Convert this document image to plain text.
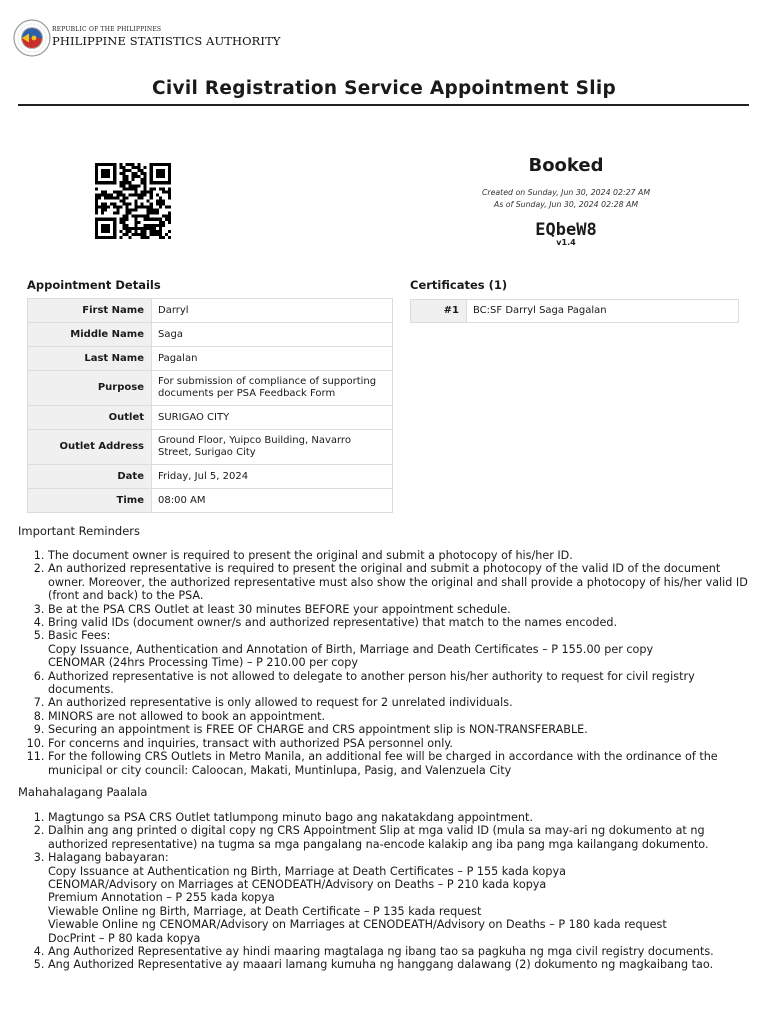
REPUBLIC OF THE PHILIPPINES
PHILIPPINE STATISTICS AUTHORITY
Civil Registration Service Appointment Slip
Booked
Created on Sunday, Jun 30, 2024 02:27 AM
As of Sunday, Jun 30, 2024 02:28 AM
EQbeW8
v1.4
Appointment Details
First Name	Darryl
Middle Name	Saga
Last Name	Pagalan
Purpose	For submission of compliance of supporting documents per PSA Feedback Form
Outlet	SURIGAO CITY
Outlet Address	Ground Floor, Yuipco Building, Navarro Street, Surigao City
Date	Friday, Jul 5, 2024
Time	08:00 AM
Certificates (1)
#1	BC:SF Darryl Saga Pagalan
Important Reminders
1. The document owner is required to present the original and submit a photocopy of his/her ID.
2. An authorized representative is required to present the original and submit a photocopy of the valid ID of the document owner. Moreover, the authorized representative must also show the original and shall provide a photocopy of his/her valid ID (front and back) to the PSA.
3. Be at the PSA CRS Outlet at least 30 minutes BEFORE your appointment schedule.
4. Bring valid IDs (document owner/s and authorized representative) that match to the names encoded.
5. Basic Fees:
Copy Issuance, Authentication and Annotation of Birth, Marriage and Death Certificates – P 155.00 per copy
CENOMAR (24hrs Processing Time) – P 210.00 per copy
6. Authorized representative is not allowed to delegate to another person his/her authority to request for civil registry documents.
7. An authorized representative is only allowed to request for 2 unrelated individuals.
8. MINORS are not allowed to book an appointment.
9. Securing an appointment is FREE OF CHARGE and CRS appointment slip is NON-TRANSFERABLE.
10. For concerns and inquiries, transact with authorized PSA personnel only.
11. For the following CRS Outlets in Metro Manila, an additional fee will be charged in accordance with the ordinance of the municipal or city council: Caloocan, Makati, Muntinlupa, Pasig, and Valenzuela City
Mahahalagang Paalala
1. Magtungo sa PSA CRS Outlet tatlumpong minuto bago ang nakatakdang appointment.
2. Dalhin ang ang printed o digital copy ng CRS Appointment Slip at mga valid ID (mula sa may-ari ng dokumento at ng authorized representative) na tugma sa mga pangalang na-encode kalakip ang iba pang mga kailangang dokumento.
3. Halagang babayaran:
Copy Issuance at Authentication ng Birth, Marriage at Death Certificates – P 155 kada kopya
CENOMAR/Advisory on Marriages at CENODEATH/Advisory on Deaths – P 210 kada kopya
Premium Annotation – P 255 kada kopya
Viewable Online ng Birth, Marriage, at Death Certificate – P 135 kada request
Viewable Online ng CENOMAR/Advisory on Marriages at CENODEATH/Advisory on Deaths – P 180 kada request
DocPrint – P 80 kada kopya
4. Ang Authorized Representative ay hindi maaring magtalaga ng ibang tao sa pagkuha ng mga civil registry documents.
5. Ang Authorized Representative ay maaari lamang kumuha ng hanggang dalawang (2) dokumento ng magkaibang tao.
